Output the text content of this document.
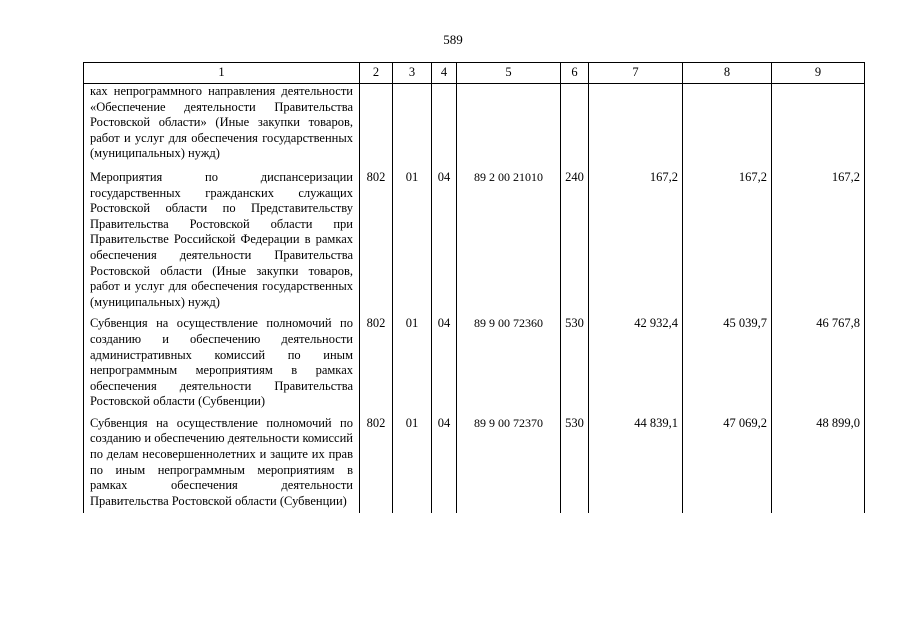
589
1	2	3	4	5	6	7	8	9
ках непрограммного направления деятельности «Обеспечение деятельности Правительства Ростовской области» (Иные закупки товаров, работ и услуг для обеспечения государственных (муниципальных) нужд)								
Мероприятия по диспансеризации государственных гражданских служащих Ростовской области по Представительству Правительства Ростовской области при Правительстве Российской Федерации в рамках обеспечения деятельности Правительства Ростовской области (Иные закупки товаров, работ и услуг для обеспечения государственных (муниципальных) нужд)	802	01	04	89 2 00 21010	240	167,2	167,2	167,2
Субвенция на осуществление полномочий по созданию и обеспечению деятельности административных комиссий по иным непрограммным мероприятиям в рамках обеспечения деятельности Правительства Ростовской области (Субвенции)	802	01	04	89 9 00 72360	530	42 932,4	45 039,7	46 767,8
Субвенция на осуществление полномочий по созданию и обеспечению деятельности комиссий по делам несовершеннолетних и защите их прав по иным непрограммным мероприятиям в рамках обеспечения деятельности Правительства Ростовской области (Субвенции)	802	01	04	89 9 00 72370	530	44 839,1	47 069,2	48 899,0
